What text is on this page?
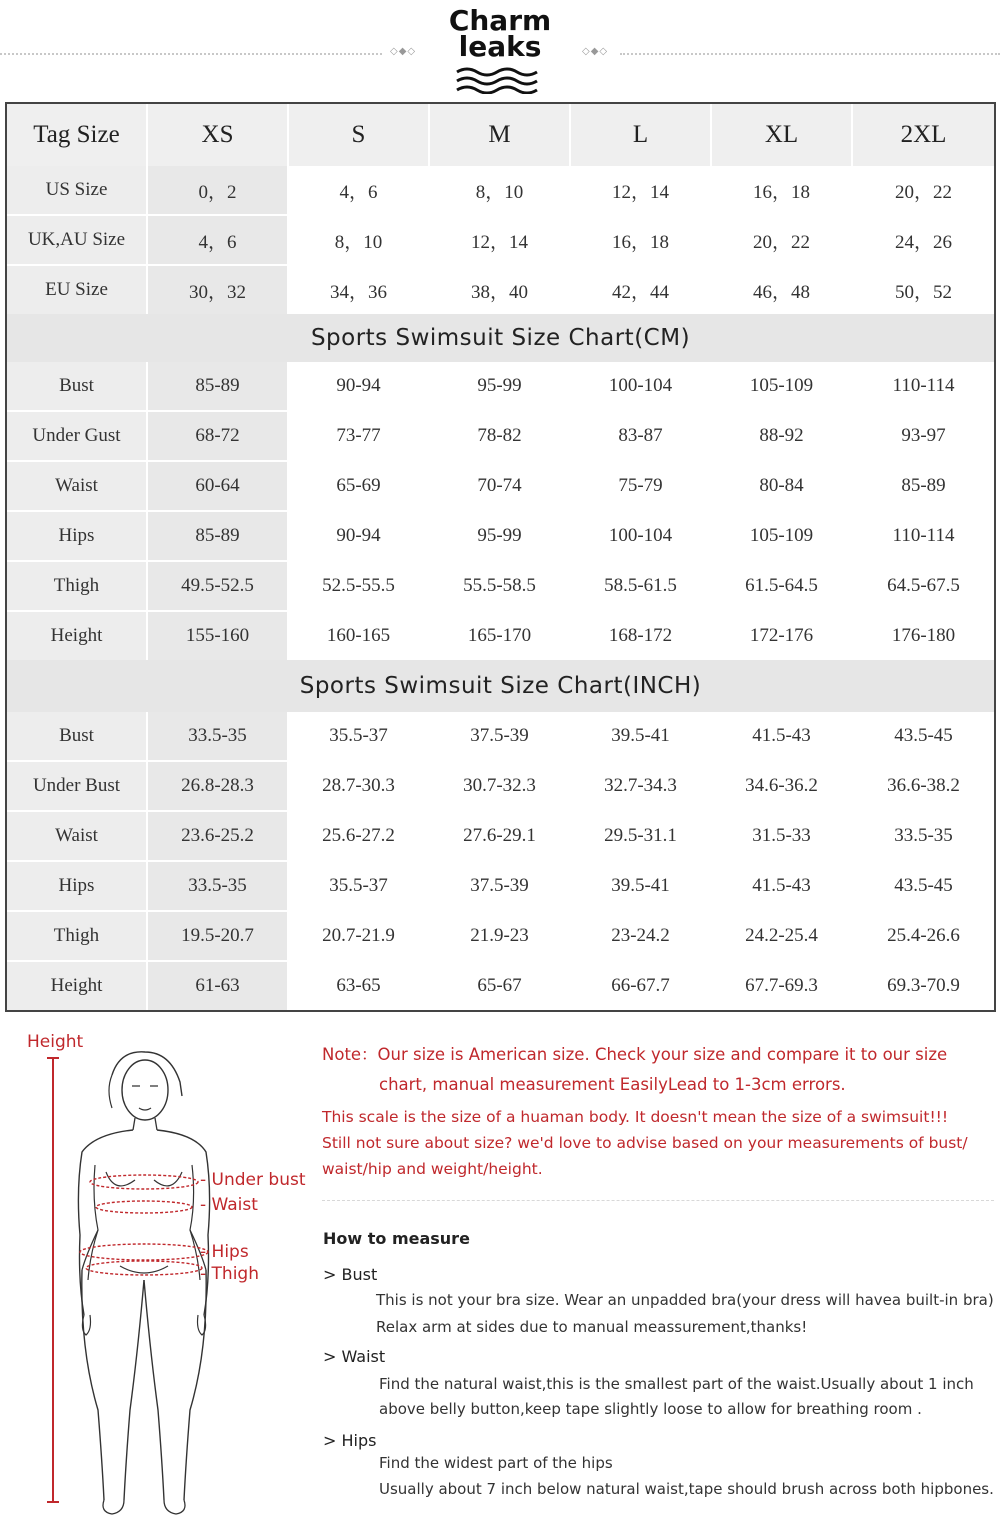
◇◆◇
Charm
leaks	◇◆◇
Tag Size	XS	S	M	L	XL	2XL
US Size	0，2	4，6	8，10	12，14	16，18	20，22
UK,AU Size	4，6	8，10	12，14	16，18	20，22	24，26
EU Size	30，32	34，36	38，40	42，44	46，48	50，52
Sports Swimsuit Size Chart(CM)						
Bust	85-89	90-94	95-99	100-104	105-109	110-114
Under Gust	68-72	73-77	78-82	83-87	88-92	93-97
Waist	60-64	65-69	70-74	75-79	80-84	85-89
Hips	85-89	90-94	95-99	100-104	105-109	110-114
Thigh	49.5-52.5	52.5-55.5	55.5-58.5	58.5-61.5	61.5-64.5	64.5-67.5
Height	155-160	160-165	165-170	168-172	172-176	176-180
Sports Swimsuit Size Chart(INCH)						
Bust	33.5-35	35.5-37	37.5-39	39.5-41	41.5-43	43.5-45
Under Bust	26.8-28.3	28.7-30.3	30.7-32.3	32.7-34.3	34.6-36.2	36.6-38.2
Waist	23.6-25.2	25.6-27.2	27.6-29.1	29.5-31.1	31.5-33	33.5-35
Hips	33.5-35	35.5-37	37.5-39	39.5-41	41.5-43	43.5-45
Thigh	19.5-20.7	20.7-21.9	21.9-23	23-24.2	24.2-25.4	25.4-26.6
Height	61-63	63-65	65-67	66-67.7	67.7-69.3	69.3-70.9
Height
- Under bust
- Waist
- Hips
- Thigh
Note：Our size is American size. Check your size and compare it to our size
chart, manual measurement EasilyLead to 1-3cm errors.
This scale is the size of a huaman body. It doesn't mean the size of a swimsuit!!!
Still not sure about size? we'd love to advise based on your measurements of bust/
waist/hip and weight/height.
How to measure
> Bust
This is not your bra size. Wear an unpadded bra(your dress will havea built-in bra)
Relax arm at sides due to manual meassurement,thanks!
> Waist
Find the natural waist,this is the smallest part of the waist.Usually about 1 inch
above belly button,keep tape slightly loose to allow for breathing room .
> Hips
Find the widest part of the hips
Usually about 7 inch below natural waist,tape should brush across both hipbones.
